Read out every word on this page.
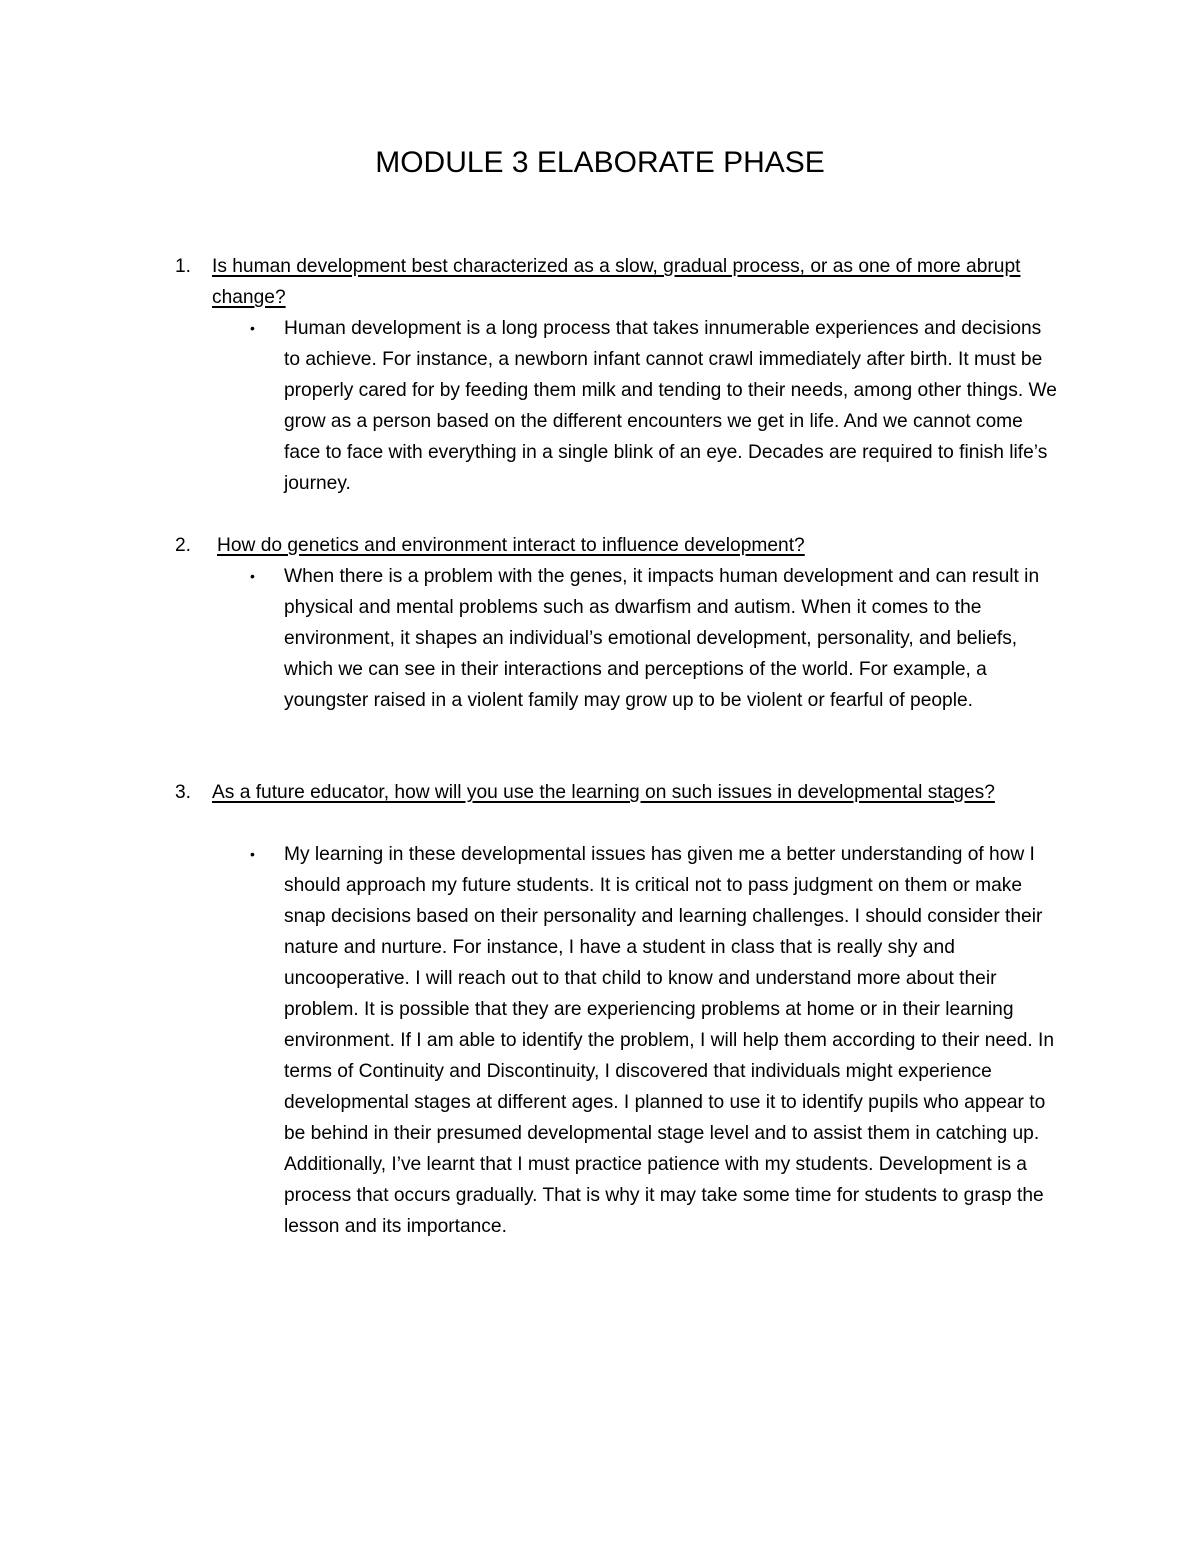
MODULE 3 ELABORATE PHASE
1.	Is human development best characterized as a slow, gradual process, or as one of more abrupt change?
•	Human development is a long process that takes innumerable experiences and decisions to achieve. For instance, a newborn infant cannot crawl immediately after birth. It must be properly cared for by feeding them milk and tending to their needs, among other things. We grow as a person based on the different encounters we get in life. And we cannot come face to face with everything in a single blink of an eye. Decades are required to finish life’s journey.
2.	How do genetics and environment interact to influence development?
•	When there is a problem with the genes, it impacts human development and can result in physical and mental problems such as dwarfism and autism. When it comes to the environment, it shapes an individual’s emotional development, personality, and beliefs, which we can see in their interactions and perceptions of the world. For example, a youngster raised in a violent family may grow up to be violent or fearful of people.
3.	As a future educator, how will you use the learning on such issues in developmental stages?
•	My learning in these developmental issues has given me a better understanding of how I should approach my future students. It is critical not to pass judgment on them or make snap decisions based on their personality and learning challenges. I should consider their nature and nurture. For instance, I have a student in class that is really shy and uncooperative. I will reach out to that child to know and understand more about their problem. It is possible that they are experiencing problems at home or in their learning environment. If I am able to identify the problem, I will help them according to their need. In terms of Continuity and Discontinuity, I discovered that individuals might experience developmental stages at different ages. I planned to use it to identify pupils who appear to be behind in their presumed developmental stage level and to assist them in catching up. Additionally, I’ve learnt that I must practice patience with my students. Development is a process that occurs gradually. That is why it may take some time for students to grasp the lesson and its importance.
